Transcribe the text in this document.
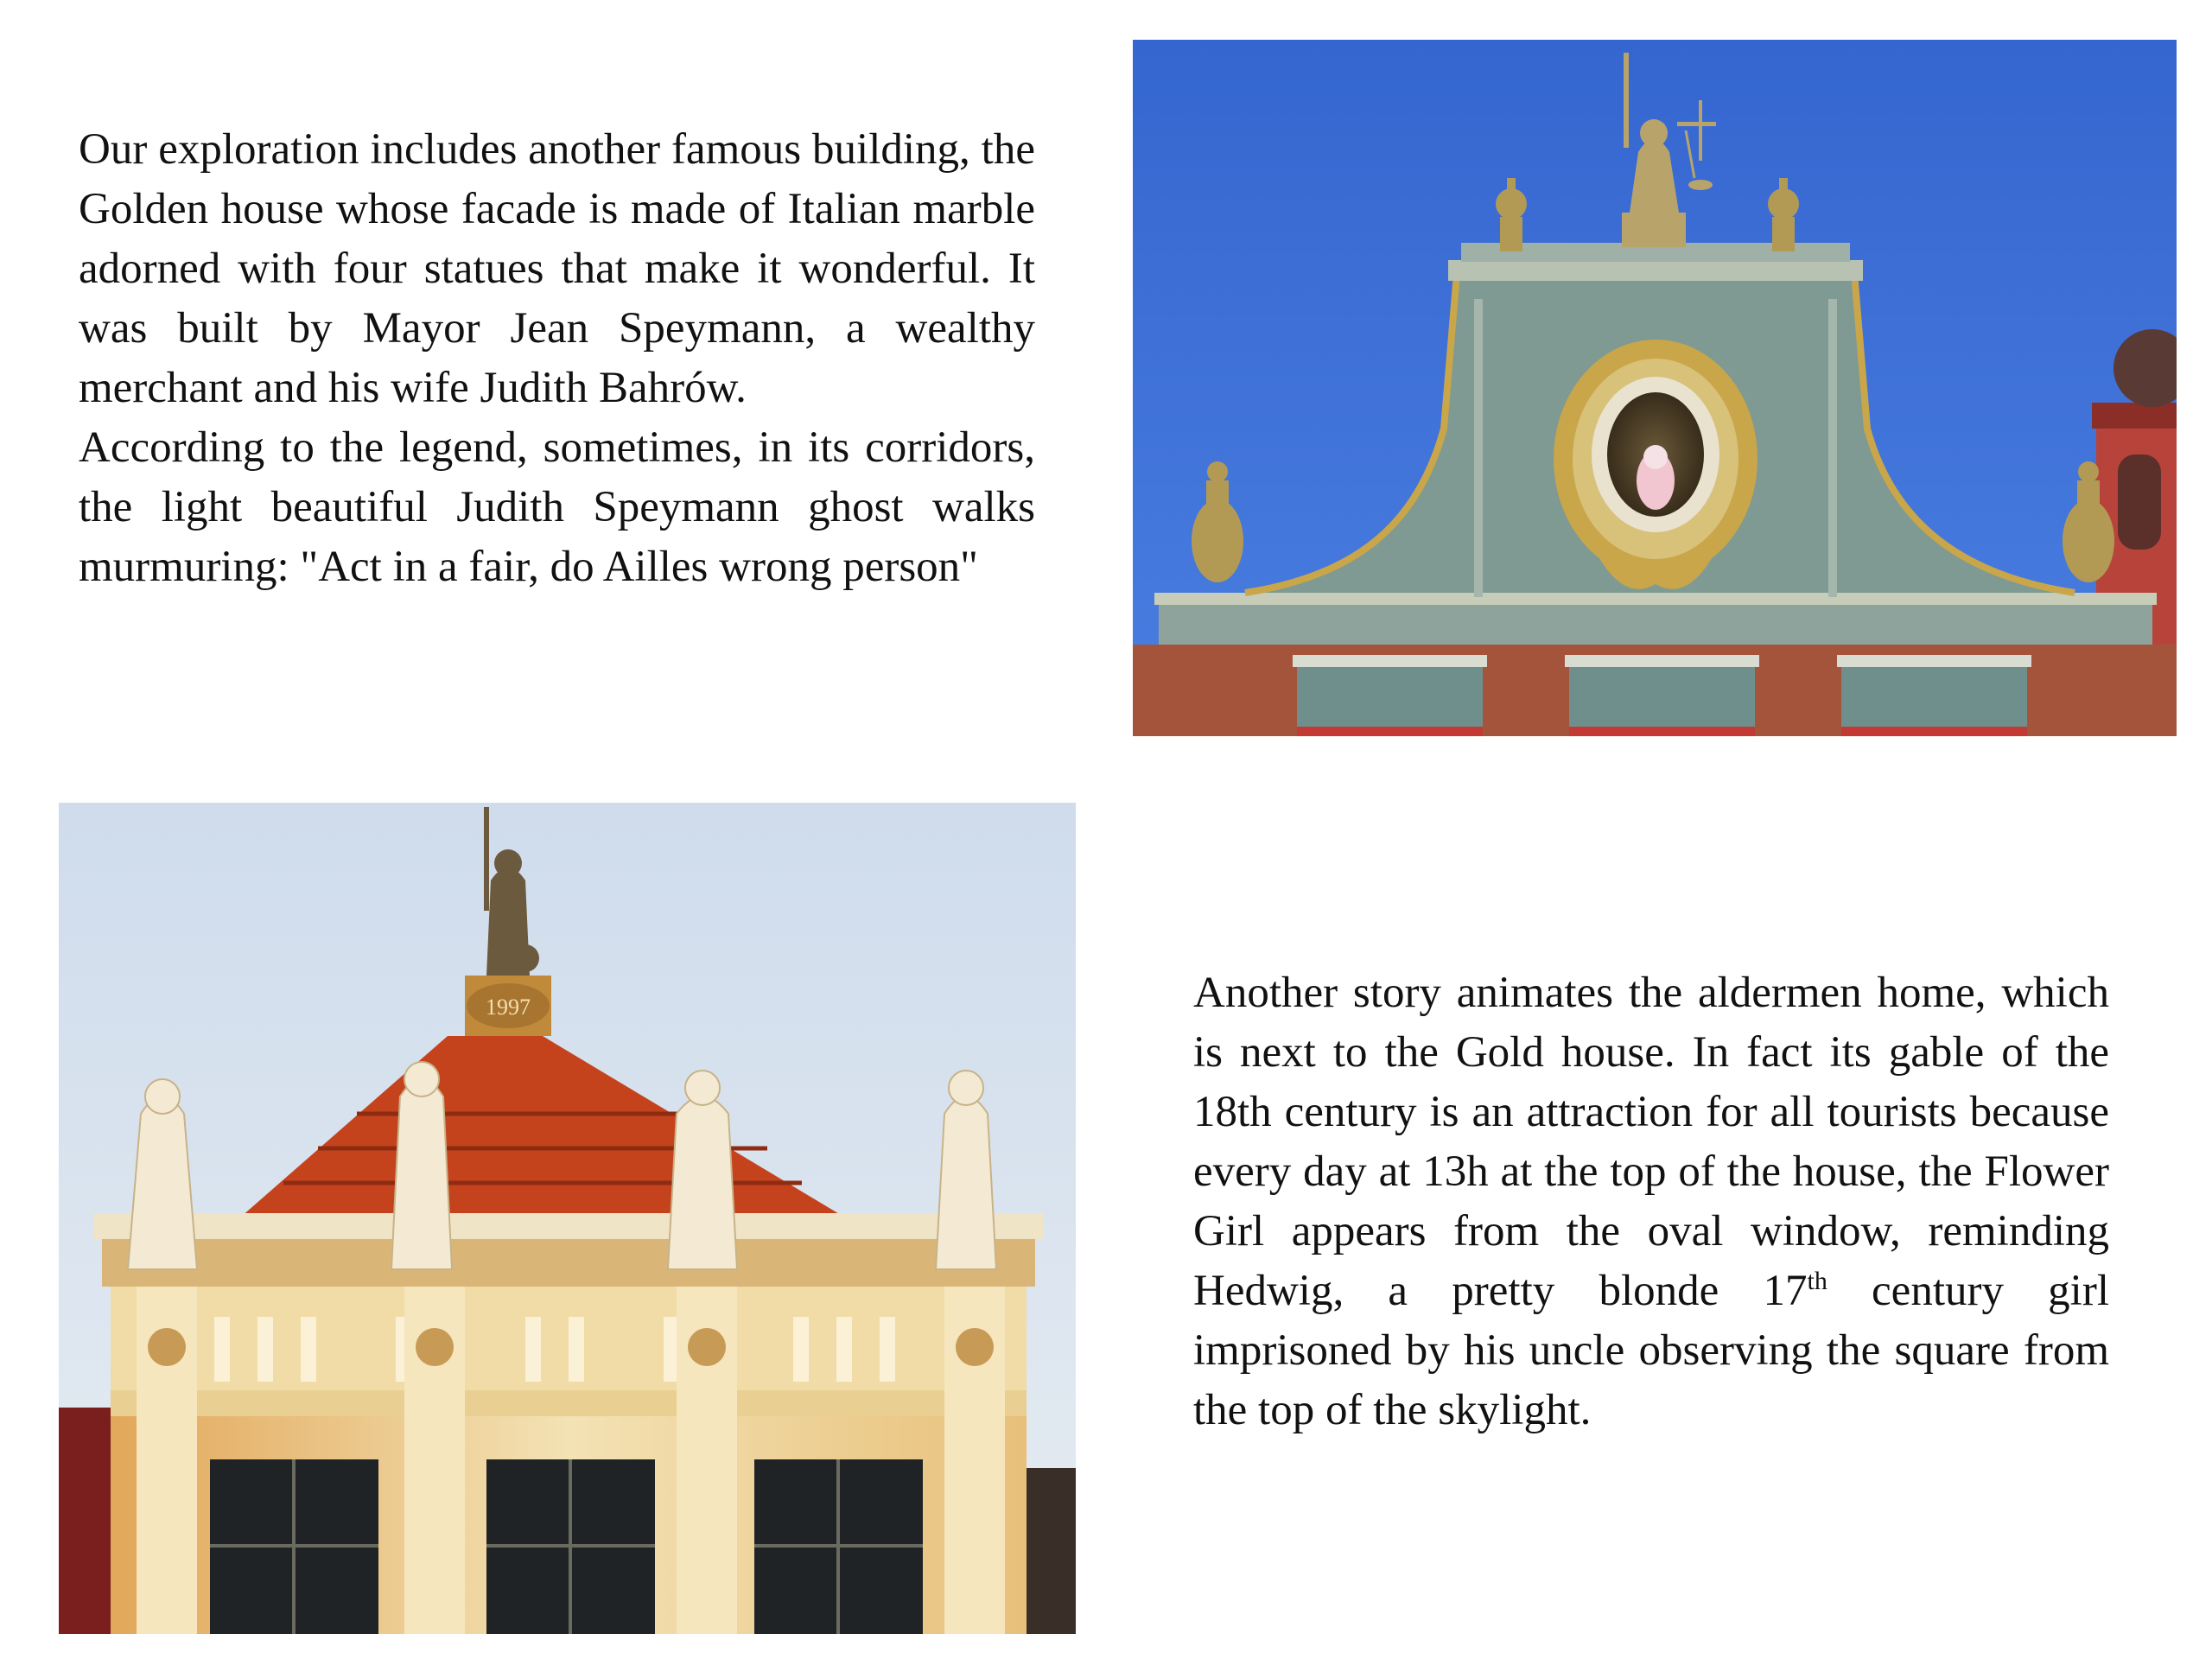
Our exploration includes another famous building, the Golden house whose facade is made of Italian marble adorned with four statues that make it wonderful. It was built by Mayor Jean Speymann, a wealthy merchant and his wife Judith Bahrów.

According to the legend, sometimes, in its corridors, the light beautiful Judith Speymann ghost walks murmuring: "Act in a fair, do Ailles wrong person"

1997	Another story animates the aldermen home, which is next to the Gold house. In fact its gable of the 18th century is an attraction for all tourists because every day at 13h at the top of the house, the Flower Girl appears from the oval window, reminding Hedwig, a pretty blonde 17th century girl imprisoned by his uncle observing the square from the top of the skylight.
